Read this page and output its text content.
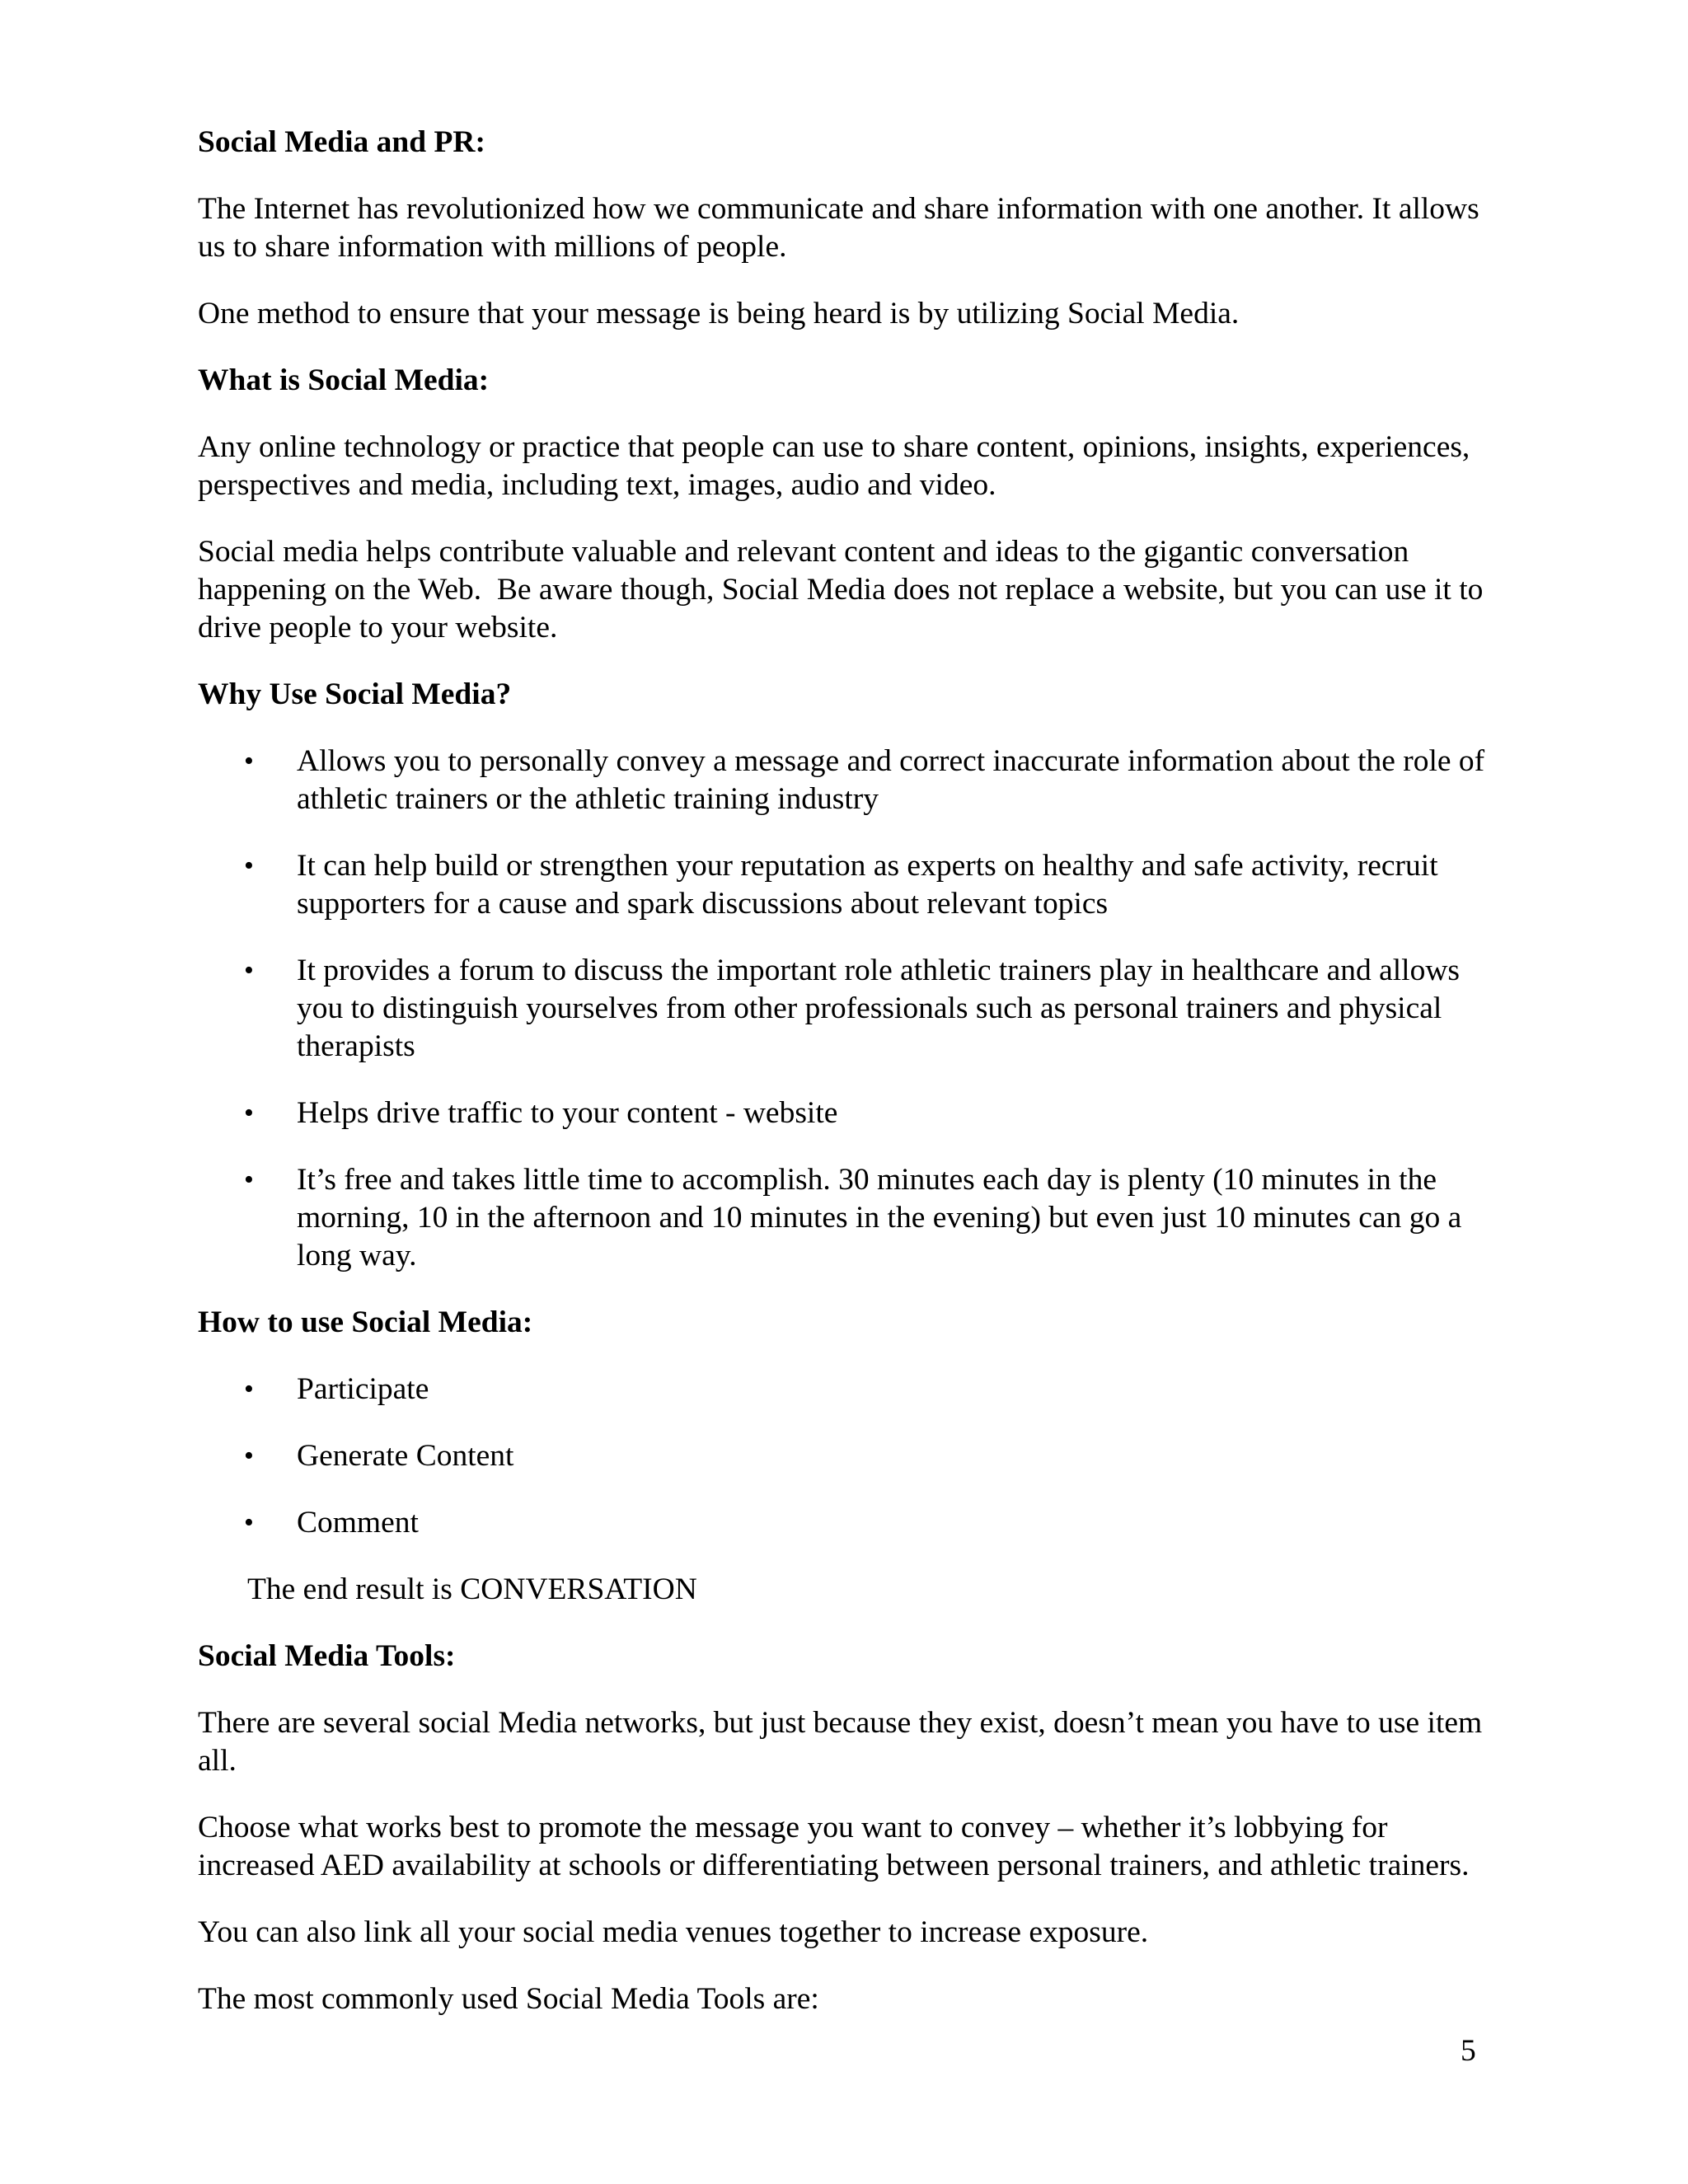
Social Media and PR:
The Internet has revolutionized how we communicate and share information with one another. It allows us to share information with millions of people.
One method to ensure that your message is being heard is by utilizing Social Media.
What is Social Media:
Any online technology or practice that people can use to share content, opinions, insights, experiences, perspectives and media, including text, images, audio and video.
Social media helps contribute valuable and relevant content and ideas to the gigantic conversation happening on the Web.  Be aware though, Social Media does not replace a website, but you can use it to drive people to your website.
Why Use Social Media?
• Allows you to personally convey a message and correct inaccurate information about the role of athletic trainers or the athletic training industry
• It can help build or strengthen your reputation as experts on healthy and safe activity, recruit supporters for a cause and spark discussions about relevant topics
• It provides a forum to discuss the important role athletic trainers play in healthcare and allows you to distinguish yourselves from other professionals such as personal trainers and physical therapists
• Helps drive traffic to your content - website
• It’s free and takes little time to accomplish. 30 minutes each day is plenty (10 minutes in the morning, 10 in the afternoon and 10 minutes in the evening) but even just 10 minutes can go a long way.
How to use Social Media:
• Participate
• Generate Content
• Comment
The end result is CONVERSATION
Social Media Tools:
There are several social Media networks, but just because they exist, doesn’t mean you have to use item all.
Choose what works best to promote the message you want to convey – whether it’s lobbying for increased AED availability at schools or differentiating between personal trainers, and athletic trainers.
You can also link all your social media venues together to increase exposure.
The most commonly used Social Media Tools are:
5
